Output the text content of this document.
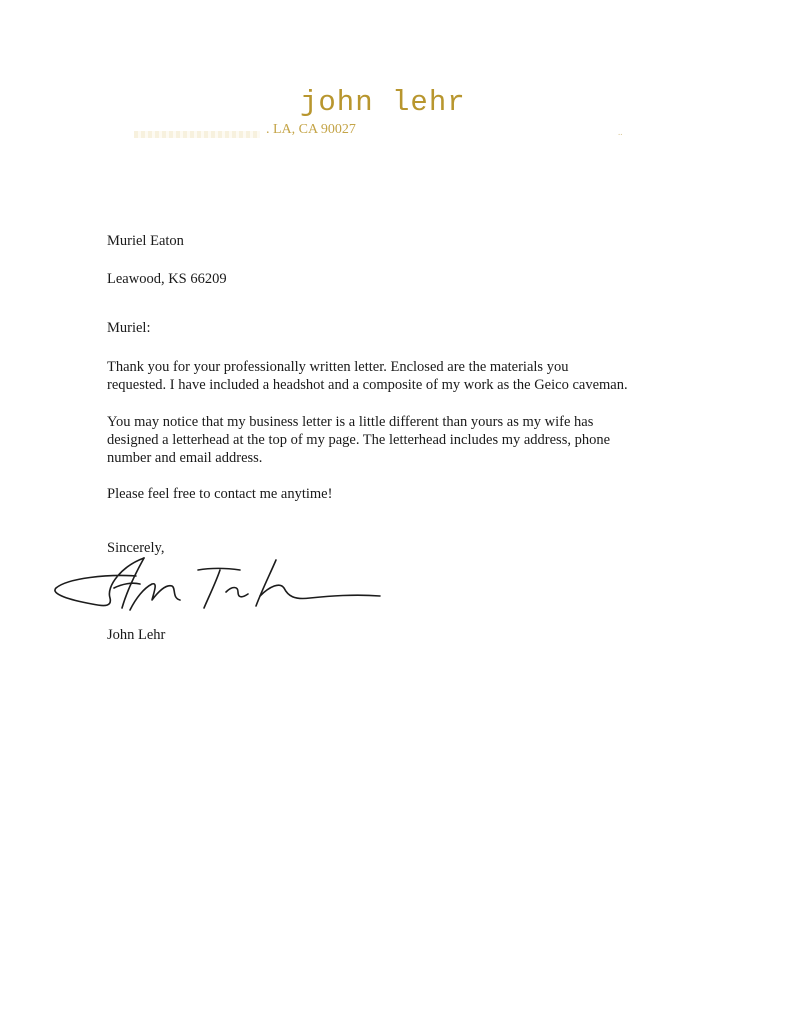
john lehr
. LA, CA 90027	..
Muriel Eaton
Leawood, KS 66209
Muriel:
Thank you for your professionally written letter. Enclosed are the materials you
requested. I have included a headshot and a composite of my work as the Geico caveman.
You may notice that my business letter is a little different than yours as my wife has
designed a letterhead at the top of my page. The letterhead includes my address, phone
number and email address.
Please feel free to contact me anytime!
Sincerely,
John Lehr
